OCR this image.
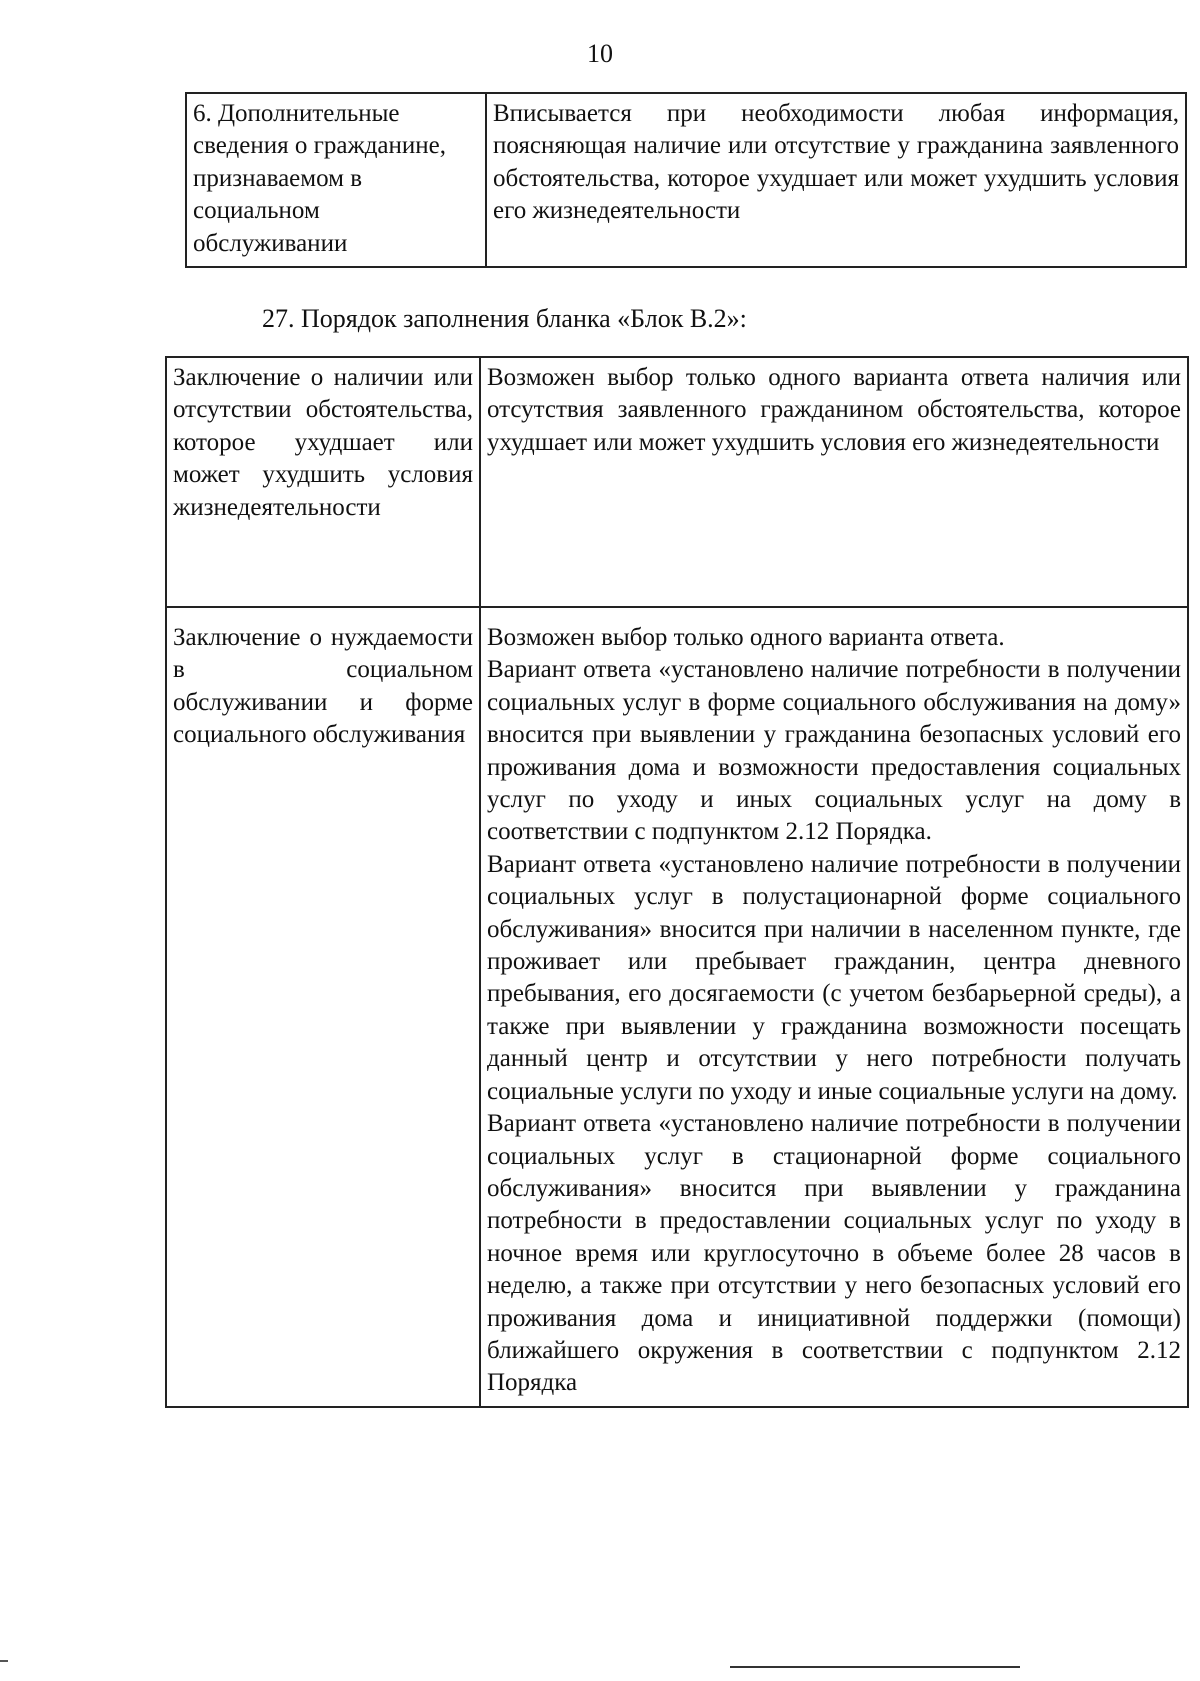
10
6. Дополнительные сведения о гражданине, признаваемом в социальном обслуживании	Вписывается при необходимости любая информация, поясняющая наличие или отсутствие у гражданина заявленного обстоятельства, которое ухудшает или может ухудшить условия его жизнедеятельности
27. Порядок заполнения бланка «Блок В.2»:
Заключение о наличии или отсутствии обстоятельства, которое ухудшает или может ухудшить условия жизнедеятельности	Возможен выбор только одного варианта ответа наличия или отсутствия заявленного гражданином обстоятельства, которое ухудшает или может ухудшить условия его жизнедеятельности

Заключение о нуждаемости в социальном обслуживании и форме социального обслуживания	Возможен выбор только одного варианта ответа.

Вариант ответа «установлено наличие потребности в получении социальных услуг в форме социального обслуживания на дому» вносится при выявлении у гражданина безопасных условий его проживания дома и возможности предоставления социальных услуг по уходу и иных социальных услуг на дому в соответствии с подпунктом 2.12 Порядка.

Вариант ответа «установлено наличие потребности в получении социальных услуг в полустационарной форме социального обслуживания» вносится при наличии в населенном пункте, где проживает или пребывает гражданин, центра дневного пребывания, его досягаемости (с учетом безбарьерной среды), а также при выявлении у гражданина возможности посещать данный центр и отсутствии у него потребности получать социальные услуги по уходу и иные социальные услуги на дому.

Вариант ответа «установлено наличие потребности в получении социальных услуг в стационарной форме социального обслуживания» вносится при выявлении у гражданина потребности в предоставлении социальных услуг по уходу в ночное время или круглосуточно в объеме более 28 часов в неделю, а также при отсутствии у него безопасных условий его проживания дома и инициативной поддержки (помощи) ближайшего окружения в соответствии с подпунктом 2.12 Порядка
